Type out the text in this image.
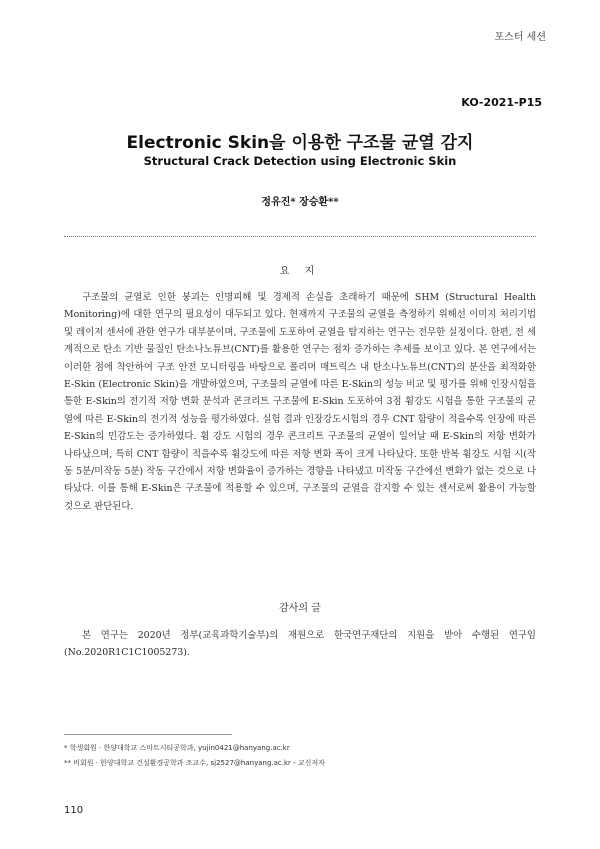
포스터 세션
KO-2021-P15
Electronic Skin을 이용한 구조물 균열 감지
Structural Crack Detection using Electronic Skin
정유진* 장승환**
요 지

구조물의 균열로 인한 붕괴는 인명피해 및 경제적 손실을 초래하기 때문에 SHM (Structural Health Monitoring)에 대한 연구의 필요성이 대두되고 있다. 현재까지 구조물의 균열을 측정하기 위해선 이미지 처리기법 및 레이저 센서에 관한 연구가 대부분이며, 구조물에 도포하여 균열을 탐지하는 연구는 전무한 실정이다. 한편, 전 세계적으로 탄소 기반 물질인 탄소나노튜브(CNT)를 활용한 연구는 점차 증가하는 추세를 보이고 있다. 본 연구에서는 이러한 점에 착안하여 구조 안전 모니터링을 바탕으로 폴리머 매트릭스 내 탄소나노튜브(CNT)의 분산을 최적화한 E-Skin (Electronic Skin)을 개발하였으며, 구조물의 균열에 따른 E-Skin의 성능 비교 및 평가를 위해 인장시험을 통한 E-Skin의 전기적 저항 변화 분석과 콘크리트 구조물에 E-Skin 도포하여 3점 휨강도 시험을 통한 구조물의 균열에 따른 E-Skin의 전기적 성능을 평가하였다. 실험 결과 인장강도시험의 경우 CNT 함량이 적을수록 인장에 따른 E-Skin의 민감도는 증가하였다. 휨 강도 시험의 경우 콘크리트 구조물의 균열이 일어날 때 E-Skin의 저항 변화가 나타났으며, 특히 CNT 함량이 적을수록 휨강도에 따른 저항 변화 폭이 크게 나타났다. 또한 반복 휨강도 시험 시(작동 5분/미작동 5분) 작동 구간에서 저항 변화율이 증가하는 경향을 나타냈고 미작동 구간에선 변화가 없는 것으로 나타났다. 이를 통해 E-Skin은 구조물에 적용할 수 있으며, 구조물의 균열을 감지할 수 있는 센서로써 활용이 가능할 것으로 판단된다.

감사의 글

본 연구는 2020년 정부(교육과학기술부)의 재원으로 한국연구재단의 지원을 받아 수행된 연구임(No.2020R1C1C1005273).

* 학생회원 · 한양대학교 스마트시티공학과, yujin0421@hanyang.ac.kr
** 비회원 · 한양대학교 건설환경공학과 조교수, sj2527@hanyang.ac.kr - 교신저자
110
